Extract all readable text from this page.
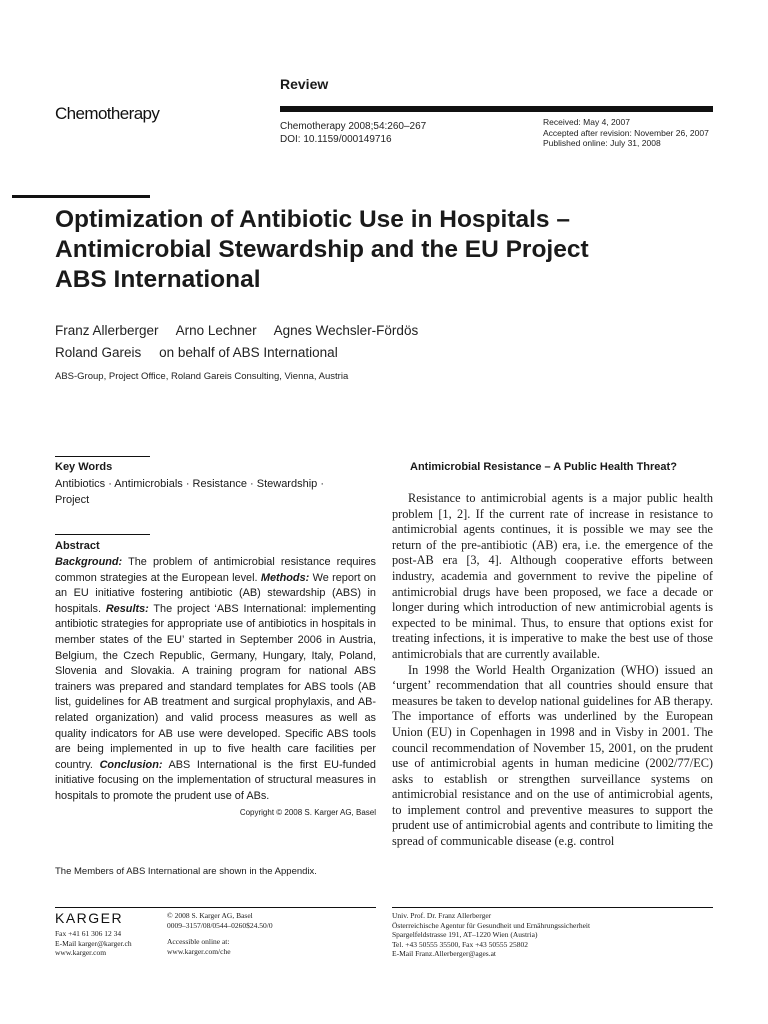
Chemotherapy
Review
Chemotherapy 2008;54:260–267
DOI: 10.1159/000149716
Received: May 4, 2007
Accepted after revision: November 26, 2007
Published online: July 31, 2008
Optimization of Antibiotic Use in Hospitals – Antimicrobial Stewardship and the EU Project ABS International
Franz Allerberger Arno Lechner Agnes Wechsler-Fördös
Roland Gareis on behalf of ABS International
ABS-Group, Project Office, Roland Gareis Consulting, Vienna, Austria
Key Words
Antibiotics · Antimicrobials · Resistance · Stewardship · Project
Abstract
Background: The problem of antimicrobial resistance requires common strategies at the European level. Methods: We report on an EU initiative fostering antibiotic (AB) stewardship (ABS) in hospitals. Results: The project ‘ABS International: implementing antibiotic strategies for appropriate use of antibiotics in hospitals in member states of the EU’ started in September 2006 in Austria, Belgium, the Czech Republic, Germany, Hungary, Italy, Poland, Slovenia and Slovakia. A training program for national ABS trainers was prepared and standard templates for ABS tools (AB list, guidelines for AB treatment and surgical prophylaxis, and AB-related organization) and valid process measures as well as quality indicators for AB use were developed. Specific ABS tools are being implemented in up to five health care facilities per country. Conclusion: ABS International is the first EU-funded initiative focusing on the implementation of structural measures in hospitals to promote the prudent use of ABs.
Copyright © 2008 S. Karger AG, Basel
The Members of ABS International are shown in the Appendix.
Antimicrobial Resistance – A Public Health Threat?

Resistance to antimicrobial agents is a major public health problem [1, 2]. If the current rate of increase in resistance to antimicrobial agents continues, it is possible we may see the return of the pre-antibiotic (AB) era, i.e. the emergence of the post-AB era [3, 4]. Although cooperative efforts between industry, academia and government to revive the pipeline of antimicrobial drugs have been proposed, we face a decade or longer during which introduction of new antimicrobial agents is expected to be minimal. Thus, to ensure that options exist for treating infections, it is imperative to make the best use of those antimicrobials that are currently available.

In 1998 the World Health Organization (WHO) issued an ‘urgent’ recommendation that all countries should ensure that measures be taken to develop national guidelines for AB therapy. The importance of efforts was underlined by the European Union (EU) in Copenhagen in 1998 and in Visby in 2001. The council recommendation of November 15, 2001, on the prudent use of antimicrobial agents in human medicine (2002/77/EC) asks to establish or strengthen surveillance systems on antimicrobial resistance and on the use of antimicrobial agents, to implement control and preventive measures to support the prudent use of antimicrobial agents and contribute to limiting the spread of communicable disease (e.g. control

KARGER
Fax +41 61 306 12 34
E-Mail karger@karger.ch
www.karger.com
© 2008 S. Karger AG, Basel
0009–3157/08/0544–0260$24.50/0
Accessible online at:
www.karger.com/che
Univ. Prof. Dr. Franz Allerberger
Österreichische Agentur für Gesundheit und Ernährungssicherheit
Spargelfeldstrasse 191, AT–1220 Wien (Austria)
Tel. +43 50555 35500, Fax +43 50555 25802
E-Mail Franz.Allerberger@ages.at
